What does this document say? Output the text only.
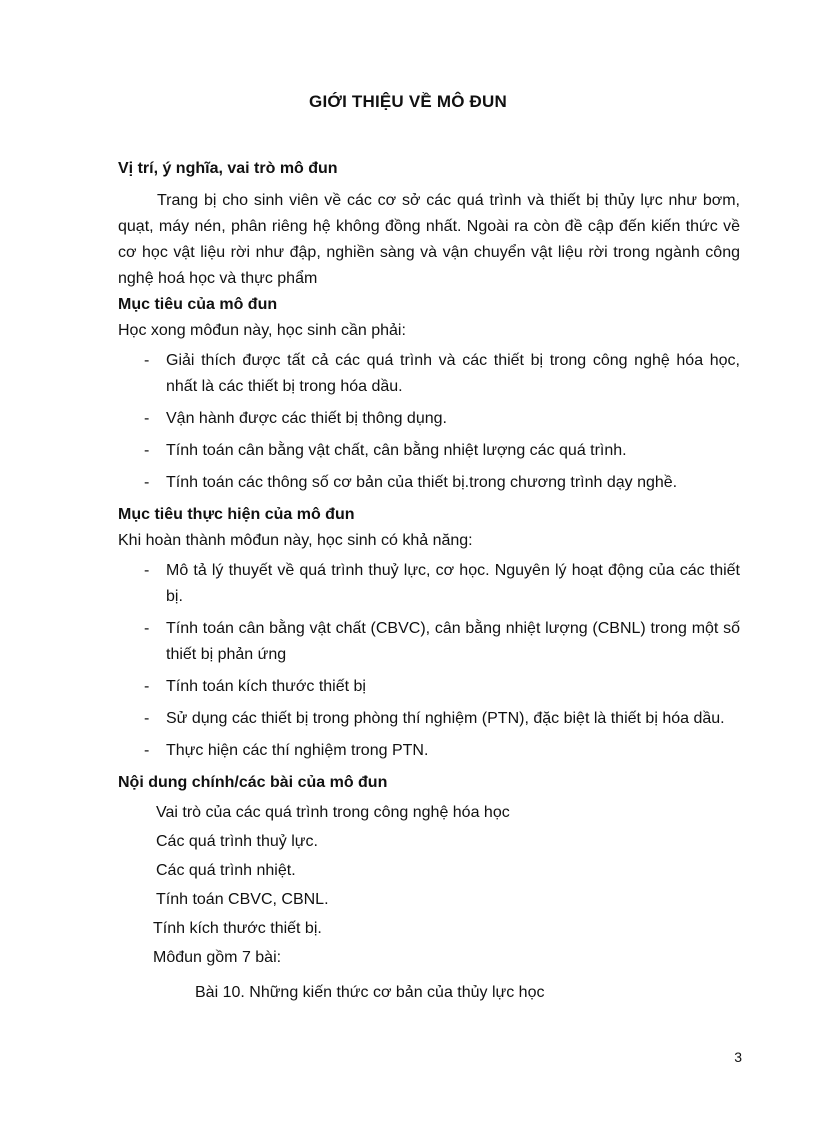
GIỚI THIỆU VỀ MÔ ĐUN

Vị trí, ý nghĩa, vai trò mô đun

Trang bị cho sinh viên về các cơ sở các quá trình và thiết bị thủy lực như bơm, quạt, máy nén, phân riêng hệ không đồng nhất. Ngoài ra còn đề cập đến kiến thức về cơ học vật liệu rời như đập, nghiền sàng và vận chuyển vật liệu rời trong ngành công nghệ hoá học và thực phẩm

Mục tiêu của mô đun

Học xong môđun này, học sinh cần phải:

- Giải thích được tất cả các quá trình và các thiết bị trong công nghệ hóa học, nhất là các thiết bị trong hóa dầu.
- Vận hành được các thiết bị thông dụng.
- Tính toán cân bằng vật chất, cân bằng nhiệt lượng các quá trình.
- Tính toán các thông số cơ bản của thiết bị.trong chương trình dạy nghề.

Mục tiêu thực hiện của mô đun

Khi hoàn thành môđun này, học sinh có khả năng:

- Mô tả lý thuyết về quá trình thuỷ lực, cơ học. Nguyên lý hoạt động của các thiết bị.
- Tính toán cân bằng vật chất (CBVC), cân bằng nhiệt lượng (CBNL) trong một số thiết bị phản ứng
- Tính toán kích thước thiết bị
- Sử dụng các thiết bị trong phòng thí nghiệm (PTN), đặc biệt là thiết bị hóa dầu.
- Thực hiện các thí nghiệm trong PTN.

Nội dung chính/các bài của mô đun

Vai trò của các quá trình trong công nghệ hóa học
Các quá trình thuỷ lực.
Các quá trình nhiệt.
Tính toán CBVC, CBNL.
Tính kích thước thiết bị.
Môđun gồm 7 bài:
Bài 10. Những kiến thức cơ bản của thủy lực học
3
